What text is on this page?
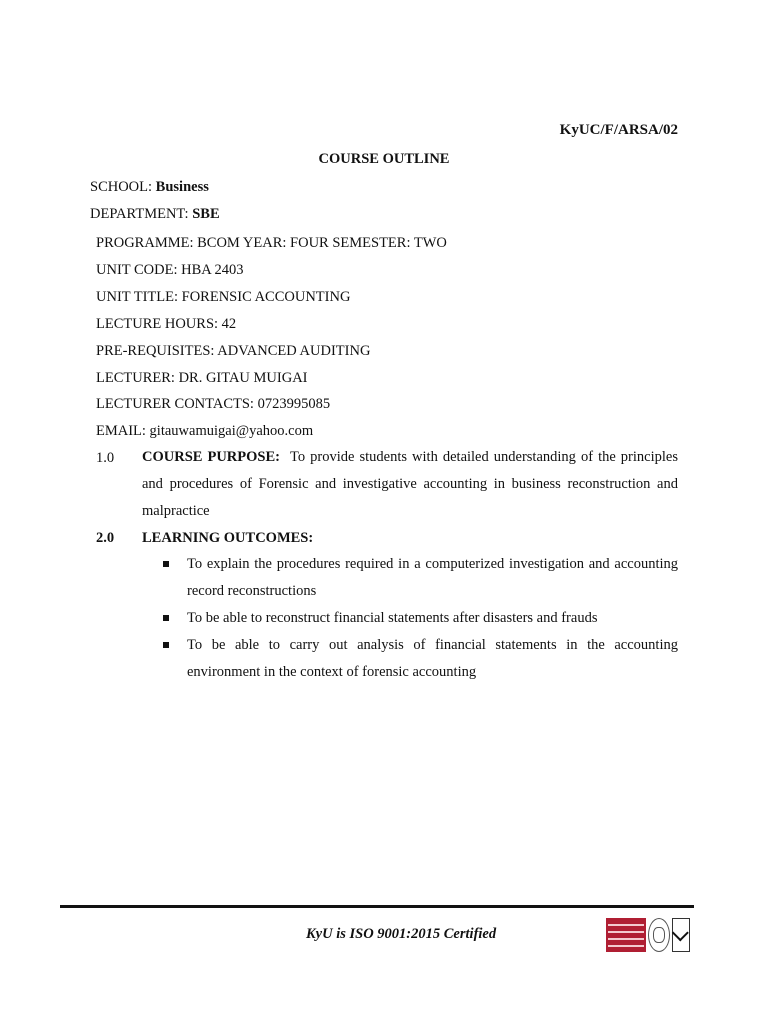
KyUC/F/ARSA/02
COURSE OUTLINE
SCHOOL: Business
DEPARTMENT: SBE
PROGRAMME: BCOM YEAR: FOUR SEMESTER: TWO
UNIT CODE: HBA 2403
UNIT TITLE: FORENSIC ACCOUNTING
LECTURE HOURS: 42
PRE-REQUISITES: ADVANCED AUDITING
LECTURER: DR. GITAU MUIGAI
LECTURER CONTACTS: 0723995085
EMAIL: gitauwamuigai@yahoo.com
1.0 COURSE PURPOSE: To provide students with detailed understanding of the principles and procedures of Forensic and investigative accounting in business reconstruction and malpractice
2.0 LEARNING OUTCOMES:
To explain the procedures required in a computerized investigation and accounting record reconstructions
To be able to reconstruct financial statements after disasters and frauds
To be able to carry out analysis of financial statements in the accounting environment in the context of forensic accounting
KyU is ISO 9001:2015 Certified
